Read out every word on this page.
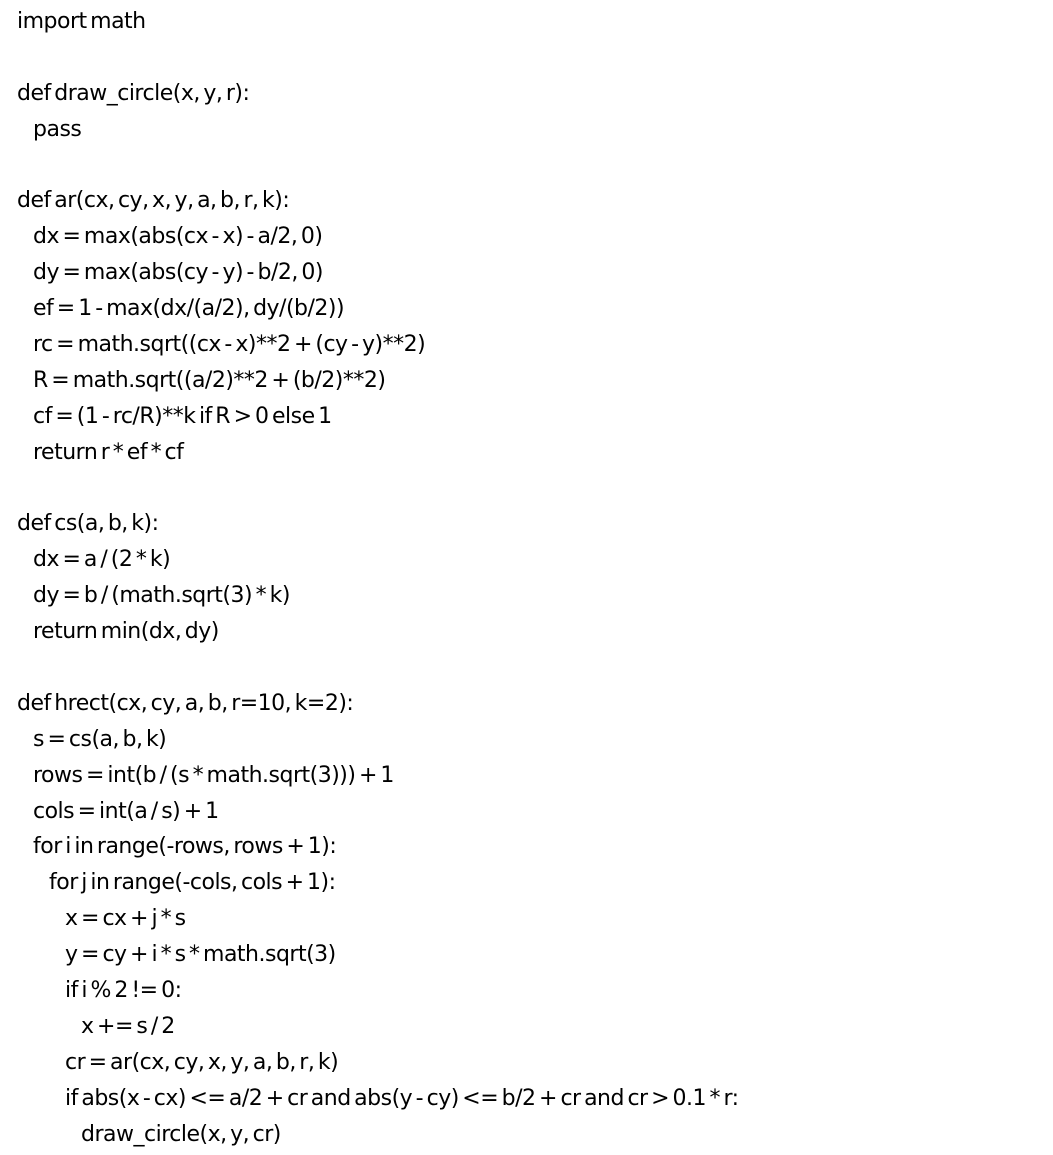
import math
def draw_circle(x, y, r):
pass
def ar(cx, cy, x, y, a, b, r, k):
dx = max(abs(cx - x) - a/2, 0)
dy = max(abs(cy - y) - b/2, 0)
ef = 1 - max(dx/(a/2), dy/(b/2))
rc = math.sqrt((cx - x)**2 + (cy - y)**2)
R = math.sqrt((a/2)**2 + (b/2)**2)
cf = (1 - rc/R)**k if R > 0 else 1
return r * ef * cf
def cs(a, b, k):
dx = a / (2 * k)
dy = b / (math.sqrt(3) * k)
return min(dx, dy)
def hrect(cx, cy, a, b, r=10, k=2):
s = cs(a, b, k)
rows = int(b / (s * math.sqrt(3))) + 1
cols = int(a / s) + 1
for i in range(-rows, rows + 1):
for j in range(-cols, cols + 1):
x = cx + j * s
y = cy + i * s * math.sqrt(3)
if i % 2 != 0:
x += s / 2
cr = ar(cx, cy, x, y, a, b, r, k)
if abs(x - cx) <= a/2 + cr and abs(y - cy) <= b/2 + cr and cr > 0.1 * r:
draw_circle(x, y, cr)
